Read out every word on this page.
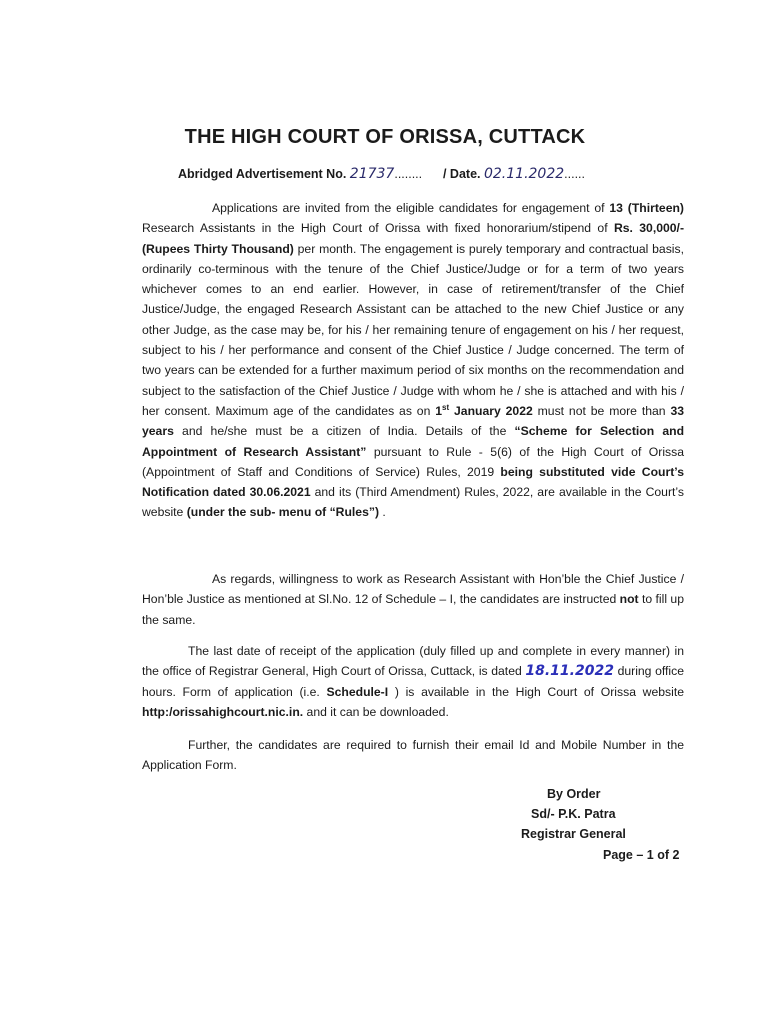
THE HIGH COURT OF ORISSA, CUTTACK
Abridged Advertisement No. 21737........ / Date. 02.11.2022......
Applications are invited from the eligible candidates for engagement of 13 (Thirteen) Research Assistants in the High Court of Orissa with fixed honorarium/stipend of Rs. 30,000/- (Rupees Thirty Thousand) per month. The engagement is purely temporary and contractual basis, ordinarily co-terminous with the tenure of the Chief Justice/Judge or for a term of two years whichever comes to an end earlier. However, in case of retirement/transfer of the Chief Justice/Judge, the engaged Research Assistant can be attached to the new Chief Justice or any other Judge, as the case may be, for his / her remaining tenure of engagement on his / her request, subject to his / her performance and consent of the Chief Justice / Judge concerned. The term of two years can be extended for a further maximum period of six months on the recommendation and subject to the satisfaction of the Chief Justice / Judge with whom he / she is attached and with his / her consent. Maximum age of the candidates as on 1st January 2022 must not be more than 33 years and he/she must be a citizen of India. Details of the “Scheme for Selection and Appointment of Research Assistant” pursuant to Rule - 5(6) of the High Court of Orissa (Appointment of Staff and Conditions of Service) Rules, 2019 being substituted vide Court’s Notification dated 30.06.2021 and its (Third Amendment) Rules, 2022, are available in the Court’s website (under the sub- menu of “Rules”) .
As regards, willingness to work as Research Assistant with Hon’ble the Chief Justice / Hon’ble Justice as mentioned at Sl.No. 12 of Schedule – I, the candidates are instructed not to fill up the same.
The last date of receipt of the application (duly filled up and complete in every manner) in the office of Registrar General, High Court of Orissa, Cuttack, is dated 18.11.2022 during office hours. Form of application (i.e. Schedule-I ) is available in the High Court of Orissa website http:/orissahighcourt.nic.in. and it can be downloaded.
Further, the candidates are required to furnish their email Id and Mobile Number in the Application Form.
By Order
Sd/- P.K. Patra
Registrar General
Page – 1 of 2
